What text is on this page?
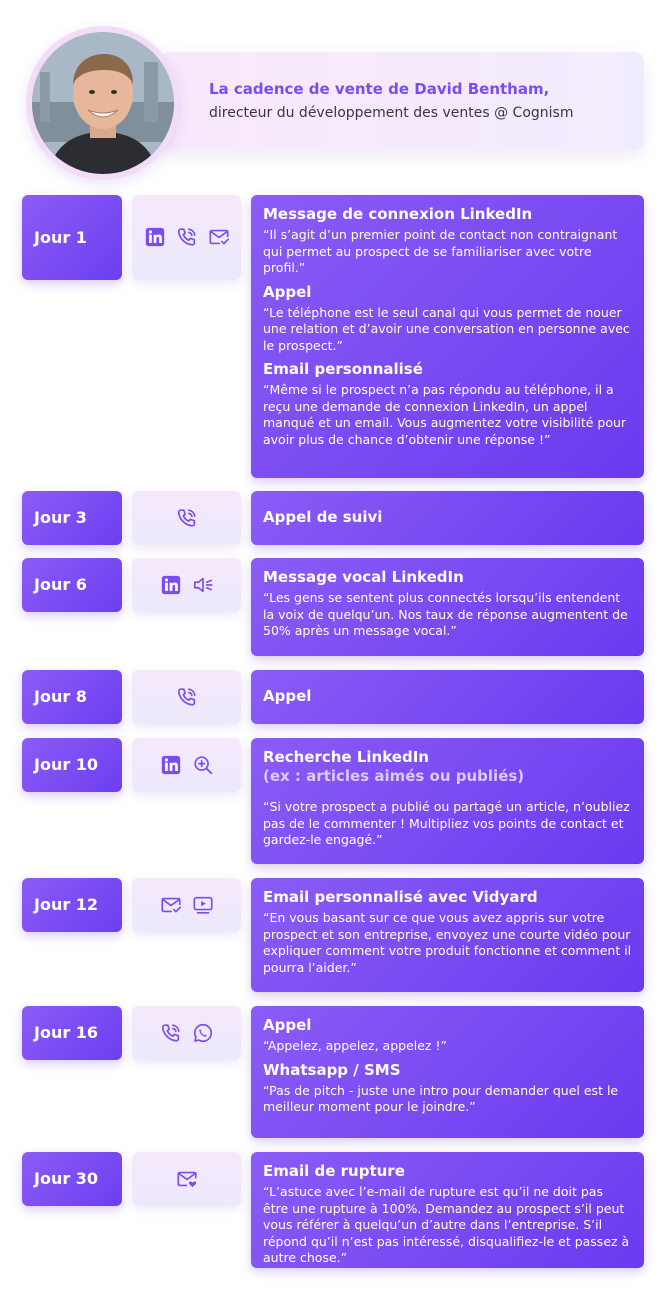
La cadence de vente de David Bentham,
directeur du développement des ventes @ Cognism
Jour 1
Message de connexion LinkedIn
“Il s’agit d’un premier point de contact non contraignant qui permet au prospect de se familiariser avec votre profil.”
Appel
“Le téléphone est le seul canal qui vous permet de nouer une relation et d’avoir une conversation en personne avec le prospect.”
Email personnalisé
“Même si le prospect n’a pas répondu au téléphone, il a reçu une demande de connexion LinkedIn, un appel manqué et un email. Vous augmentez votre visibilité pour avoir plus de chance d’obtenir une réponse !”
Jour 3	Appel de suivi
Jour 6	Message vocal LinkedIn
“Les gens se sentent plus connectés lorsqu’ils entendent la voix de quelqu’un. Nos taux de réponse augmentent de 50% après un message vocal.”
Jour 8	Appel
Jour 10	Recherche LinkedIn
(ex : articles aimés ou publiés)
“Si votre prospect a publié ou partagé un article, n’oubliez pas de le commenter ! Multipliez vos points de contact et gardez-le engagé.”
Jour 12	Email personnalisé avec Vidyard
“En vous basant sur ce que vous avez appris sur votre prospect et son entreprise, envoyez une courte vidéo pour expliquer comment votre produit fonctionne et comment il pourra l’aider.”
Jour 16	Appel
“Appelez, appelez, appelez !”
Whatsapp / SMS
“Pas de pitch - juste une intro pour demander quel est le meilleur moment pour le joindre.”
Jour 30	Email de rupture
“L’astuce avec l’e-mail de rupture est qu’il ne doit pas être une rupture à 100%. Demandez au prospect s’il peut vous référer à quelqu’un d’autre dans l’entreprise. S’il répond qu’il n’est pas intéressé, disqualifiez-le et passez à autre chose.”
